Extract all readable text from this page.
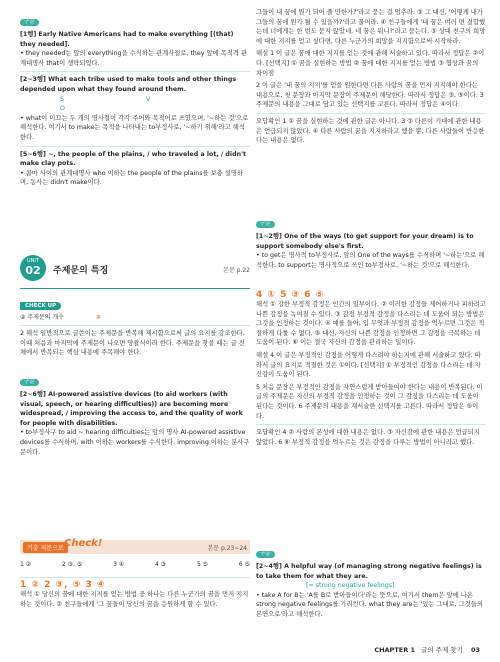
구문

[1행] Early Native Americans had to make everything [(that) they needed].

• they needed는 앞의 everything을 수식하는 관계사절로, they 앞에 목적격 관계대명사 that이 생략되었다.

[2~3행] What each tribe used to make tools and other things depended upon what they found around them.

S V O

• what이 이끄는 두 개의 명사절이 각각 주어와 목적어로 쓰였으며, '~하는 것'으로 해석한다. 여기서 to make는 목적을 나타내는 to부정사로, '~하기 위해'라고 해석한다.

[5~6행] ~, the people of the plains, / who traveled a lot, / didn't make clay pots.

• 콤마 사이의 관계대명사 who 이하는 the people of the plains를 보충 설명하며, 동사는 didn't make이다.

UNIT
02	주제문의 특징	본문 p.22
CHECK UP
② 주제문의 개수	②

2 해석 일반적으로 글쓴이는 주제문을 반복해 제시함으로써 글의 요지를 강조한다. 이때 처음과 마지막에 주제문이 나오면 양괄식이라 한다. 주제문을 찾을 때는 글 전체에서 반복되는 핵심 내용에 주목해야 한다.

구문

[2~6행] AI-powered assistive devices (to aid workers (with visual, speech, or hearing difficulties)) are becoming more widespread, / improving the access to, and the quality of work for people with disabilities.

• to부정사구 to aid ~ hearing difficulties는 앞의 명사 AI-powered assistive devices를 수식하며, with 이하는 workers를 수식한다. improving 이하는 분사구문이다.

기출 지문으로 Check!	본문 p.23~24
1 ②	2 ③, ⑤	3 ④	4 ③	5 ⑤	6 ⑤
1 ② 2 ③, ⑤ 3 ④

해석 ① 당신의 꿈에 대한 지지를 얻는 방법 중 하나는 다른 누군가의 꿈을 먼저 지지하는 것이다. ② 친구들에게 '그 꿈들이 당신의 꿈을 응원하게 할 수 있다.

그들이 내 꿈에 뭔가 되어 줄 만한가?'라고 묻는 걸 멈추라. ③ 그 대신, '어떻게 내가 그들의 꿈에 뭔가 될 수 있을까?'라고 물어라. ④ 친구들에게 '내 꿈은 여러 면 결합했는데 너에게는 한 번도 묻지 않았네. 네 꿈은 뭐니?'라고 묻는다. ⑤ 상대 친구의 희망에 대한 지지를 얻고 싶다면, 다른 누군가의 희망을 지지함으로써 시작하라.

해설 1 이 글은 꿈에 대한 지지를 얻는 것에 관해 서술하고 있다. 따라서 정답은 ②이다. [선택지] ① 꿈을 실현하는 방법 ② 꿈에 대한 지지를 얻는 방법 ③ 협상과 꿈의 차이점

2 이 글은 '내 꿈의 지지'를 얻을 원한다면 다른 사람의 꿈을 먼저 지지해야 한다는 내용으로, 첫 문장과 마지막 문장이 주제문이 해당한다. 따라서 정답은 ③, ⑤이다. 3 주제문의 내용을 그대로 담고 있는 선택지를 고른다. 따라서 정답은 ④이다.

오답확인 1 ① 꿈을 실현하는 것에 관한 글은 아니다. 3 ③ 다른이 기대에 관한 내용은 언급되지 않았다. ④ 다른 사람의 꿈을 지지하라고 했을 뿐, 다른 사람들이 반응한다는 내용은 없다.

구문

[1~2행] One of the ways (to get support for your dream) is to support somebody else's first.

• to get은 명사적 to부정사로, 앞의 One of the ways를 수식하며 '~하는'으로 해석한다. to support는 명사적으로 쓰인 to부정사로, '~하는 것'으로 해석한다.

4 ① 5 ③ 6 ⑤

해석 ① 강한 부정적 감정은 인간의 일부이다. ② 이러한 감정들 제어하거나 피하려고 나쁜 감정을 녹여질 수 있다. ③ 감정 부정적 감정을 다스리는 데 도움이 되는 방법은 그것을 인정하는 것이다. ④ 예를 들어, 입 무엇과 부정적 감정을 억누르면 그것은 적절하게 다룰 수 없다. ⑤ 대신, 자신의 나쁜 감정을 인정하면 그 감정을 극복하는 데 도움이 된다. ⑥ 이는 결국 자신의 감정을 관리하는 일이다.

해설 4 이 글은 부정적인 감정을 어떻게 다스려야 하는지에 관해 서술하고 있다. 따라서 글의 요지로 적절한 것은 ①이다. [선택지] ① 부정적인 감정을 다스리는 데 자신감이 도움이 된다.

5 처음 문장은 부정적인 감정을 자연스럽게 받아들여야 한다는 내용이 반복된다. 이 글의 주제문은 자신의 부정적 감정을 인정하는 것이 그 감정을 다스리는 데 도움이 된다는 것이다. 6 주제문의 내용을 재서술한 선택지를 고른다. 따라서 정답은 ⑤이다.

오답확인 4 ② 사람의 본성에 대한 내용은 없다. ③ 자신감에 관한 내용은 언급되지 않았다. 6 ⑥ 부정적 감정을 억누르는 것은 감정을 다루는 방법이 아니라고 했다.

구문

[2~4행] A helpful way (of managing strong negative feelings) is to take them for what they are.

[= strong negative feelings]

• take A for B는 'A를 B로 받아들이다'라는 뜻으로, 여기서 them은 앞에 나온 strong negative feelings를 가리킨다. what they are는 '있는 그대로, 그것들의 본연으로'라고 해석한다.

CHAPTER 1 글의 주제 찾기 03
